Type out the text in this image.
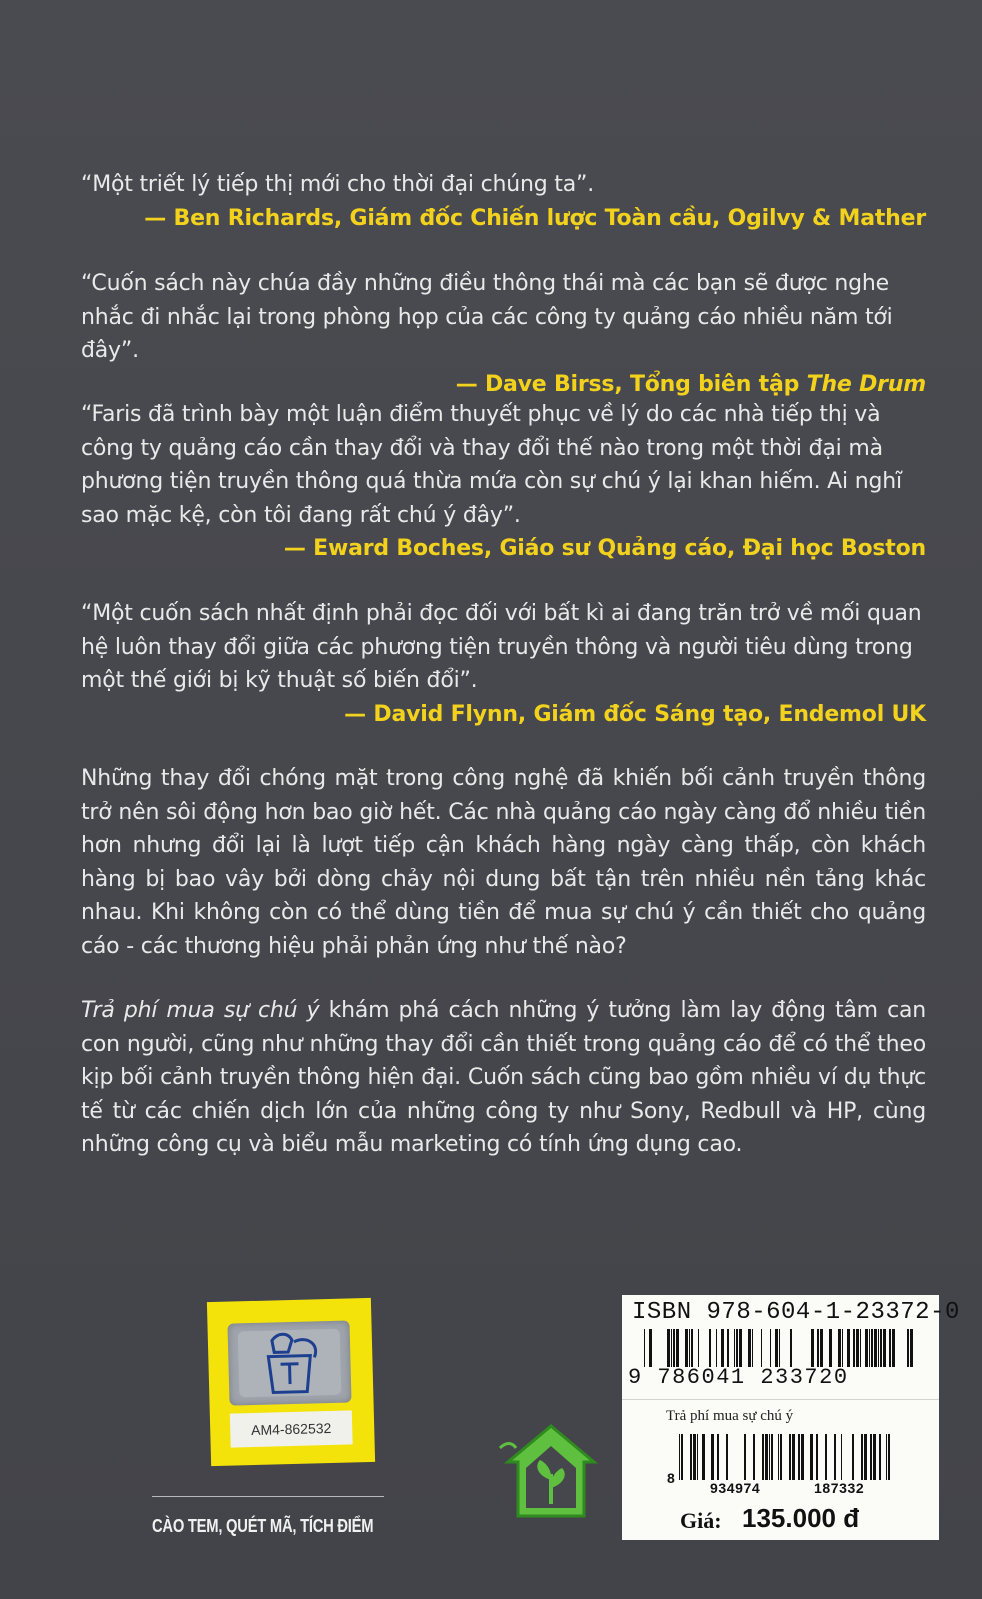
“Một triết lý tiếp thị mới cho thời đại chúng ta”.
— Ben Richards, Giám đốc Chiến lược Toàn cầu, Ogilvy & Mather
“Cuốn sách này chúa đầy những điều thông thái mà các bạn sẽ được nghe nhắc đi nhắc lại trong phòng họp của các công ty quảng cáo nhiều năm tới đây”.
— Dave Birss, Tổng biên tập The Drum
“Faris đã trình bày một luận điểm thuyết phục về lý do các nhà tiếp thị và công ty quảng cáo cần thay đổi và thay đổi thế nào trong một thời đại mà phương tiện truyền thông quá thừa mứa còn sự chú ý lại khan hiếm. Ai nghĩ sao mặc kệ, còn tôi đang rất chú ý đây”.
— Eward Boches, Giáo sư Quảng cáo, Đại học Boston
“Một cuốn sách nhất định phải đọc đối với bất kì ai đang trăn trở về mối quan hệ luôn thay đổi giữa các phương tiện truyền thông và người tiêu dùng trong một thế giới bị kỹ thuật số biến đổi”.
— David Flynn, Giám đốc Sáng tạo, Endemol UK
Những thay đổi chóng mặt trong công nghệ đã khiến bối cảnh truyền thông trở nên sôi động hơn bao giờ hết. Các nhà quảng cáo ngày càng đổ nhiều tiền hơn nhưng đổi lại là lượt tiếp cận khách hàng ngày càng thấp, còn khách hàng bị bao vây bởi dòng chảy nội dung bất tận trên nhiều nền tảng khác nhau. Khi không còn có thể dùng tiền để mua sự chú ý cần thiết cho quảng cáo - các thương hiệu phải phản ứng như thế nào?
Trả phí mua sự chú ý khám phá cách những ý tưởng làm lay động tâm can con người, cũng như những thay đổi cần thiết trong quảng cáo để có thể theo kịp bối cảnh truyền thông hiện đại. Cuốn sách cũng bao gồm nhiều ví dụ thực tế từ các chiến dịch lớn của những công ty như Sony, Redbull và HP, cùng những công cụ và biểu mẫu marketing có tính ứng dụng cao.
AM4-862532
CÀO TEM, QUÉT MÃ, TÍCH ĐIỂM
ISBN 978-604-1-23372-0
9 786041 233720
Trả phí mua sự chú ý
8
934974	187332
Giá: 135.000 đ
